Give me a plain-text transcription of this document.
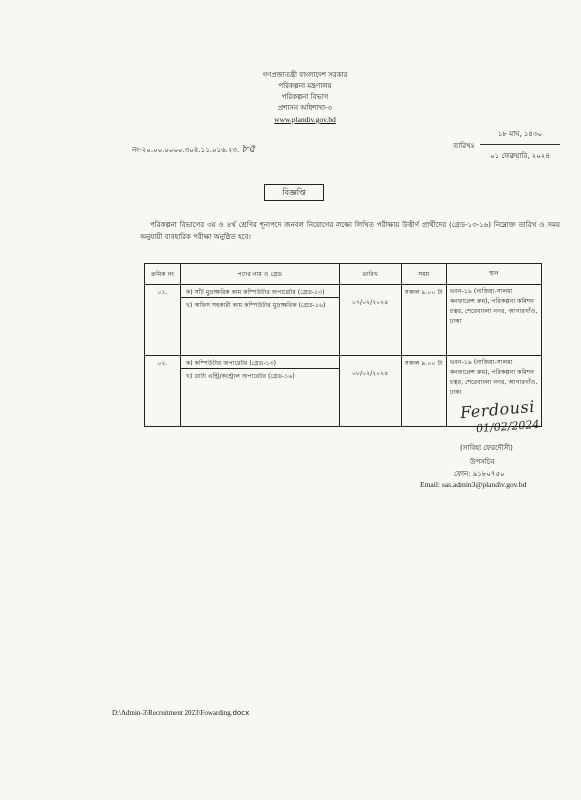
গণপ্রজাতন্ত্রী বাংলাদেশ সরকার
পরিকল্পনা মন্ত্রণালয়
পরিকল্পনা বিভাগ
প্রশাসন অধিশাখা-৩
www.plandiv.gov.bd
নং-২০.০০.০০০০.৩০৪.১১.০১৬.২৩. ৮৫	তারিখঃ
১৮ মাঘ, ১৪৩০
০১ ফেব্রুয়ারি, ২০২৪
বিজ্ঞপ্তি
পরিকল্পনা বিভাগের ৩য় ও ৪র্থ শ্রেণির শূন্যপদে জনবল নিয়োগের লক্ষ্যে লিখিত পরীক্ষায় উত্তীর্ণ প্রার্থীদের (গ্রেড-১৩-১৬) নিম্নোক্ত তারিখ ও সময় অনুযায়ী ব্যবহারিক পরীক্ষা অনুষ্ঠিত হবে।
ক্রমিক নং	পদের নাম ও গ্রেড	তারিখ	সময়	স্থান
০১.	ক) সাঁট মুদ্রাক্ষরিক কাম কম্পিউটার অপারেটর (গ্রেড-১৩)
খ) অফিস সহকারী কাম কম্পিউটার মুদ্রাক্ষরিক (গ্রেড-১৬)	০৭/০২/২০২৪	সকাল ৯.০০ টা	ভবন-১৯ (নাজিয়া-সালমা কনফারেন্স রুম), পরিকল্পনা কমিশন চত্বর, শেরেবাংলা নগর, আগারগাঁও, ঢাকা
০২.	ক) কম্পিউটার অপারেটর (গ্রেড-১৩)
খ) ডাটা এন্ট্রি/কন্ট্রোল অপারেটর (গ্রেড-১৬)	০৮/০২/২০২৪	সকাল ৯.০০ টা	ভবন-১৯ (নাজিয়া-সালমা কনফারেন্স রুম), পরিকল্পনা কমিশন চত্বর, শেরেবাংলা নগর, আগারগাঁও, ঢাকা
Ferdousi
01/02/2024
(সাবিহা ফেরদৌসী)
উপসচিব
ফোন: ৯১৮০৭৫০
Email: sas.admin3@plandiv.gov.bd
D:\Admin-3\Recruitment 2023\Fowarding.docx
